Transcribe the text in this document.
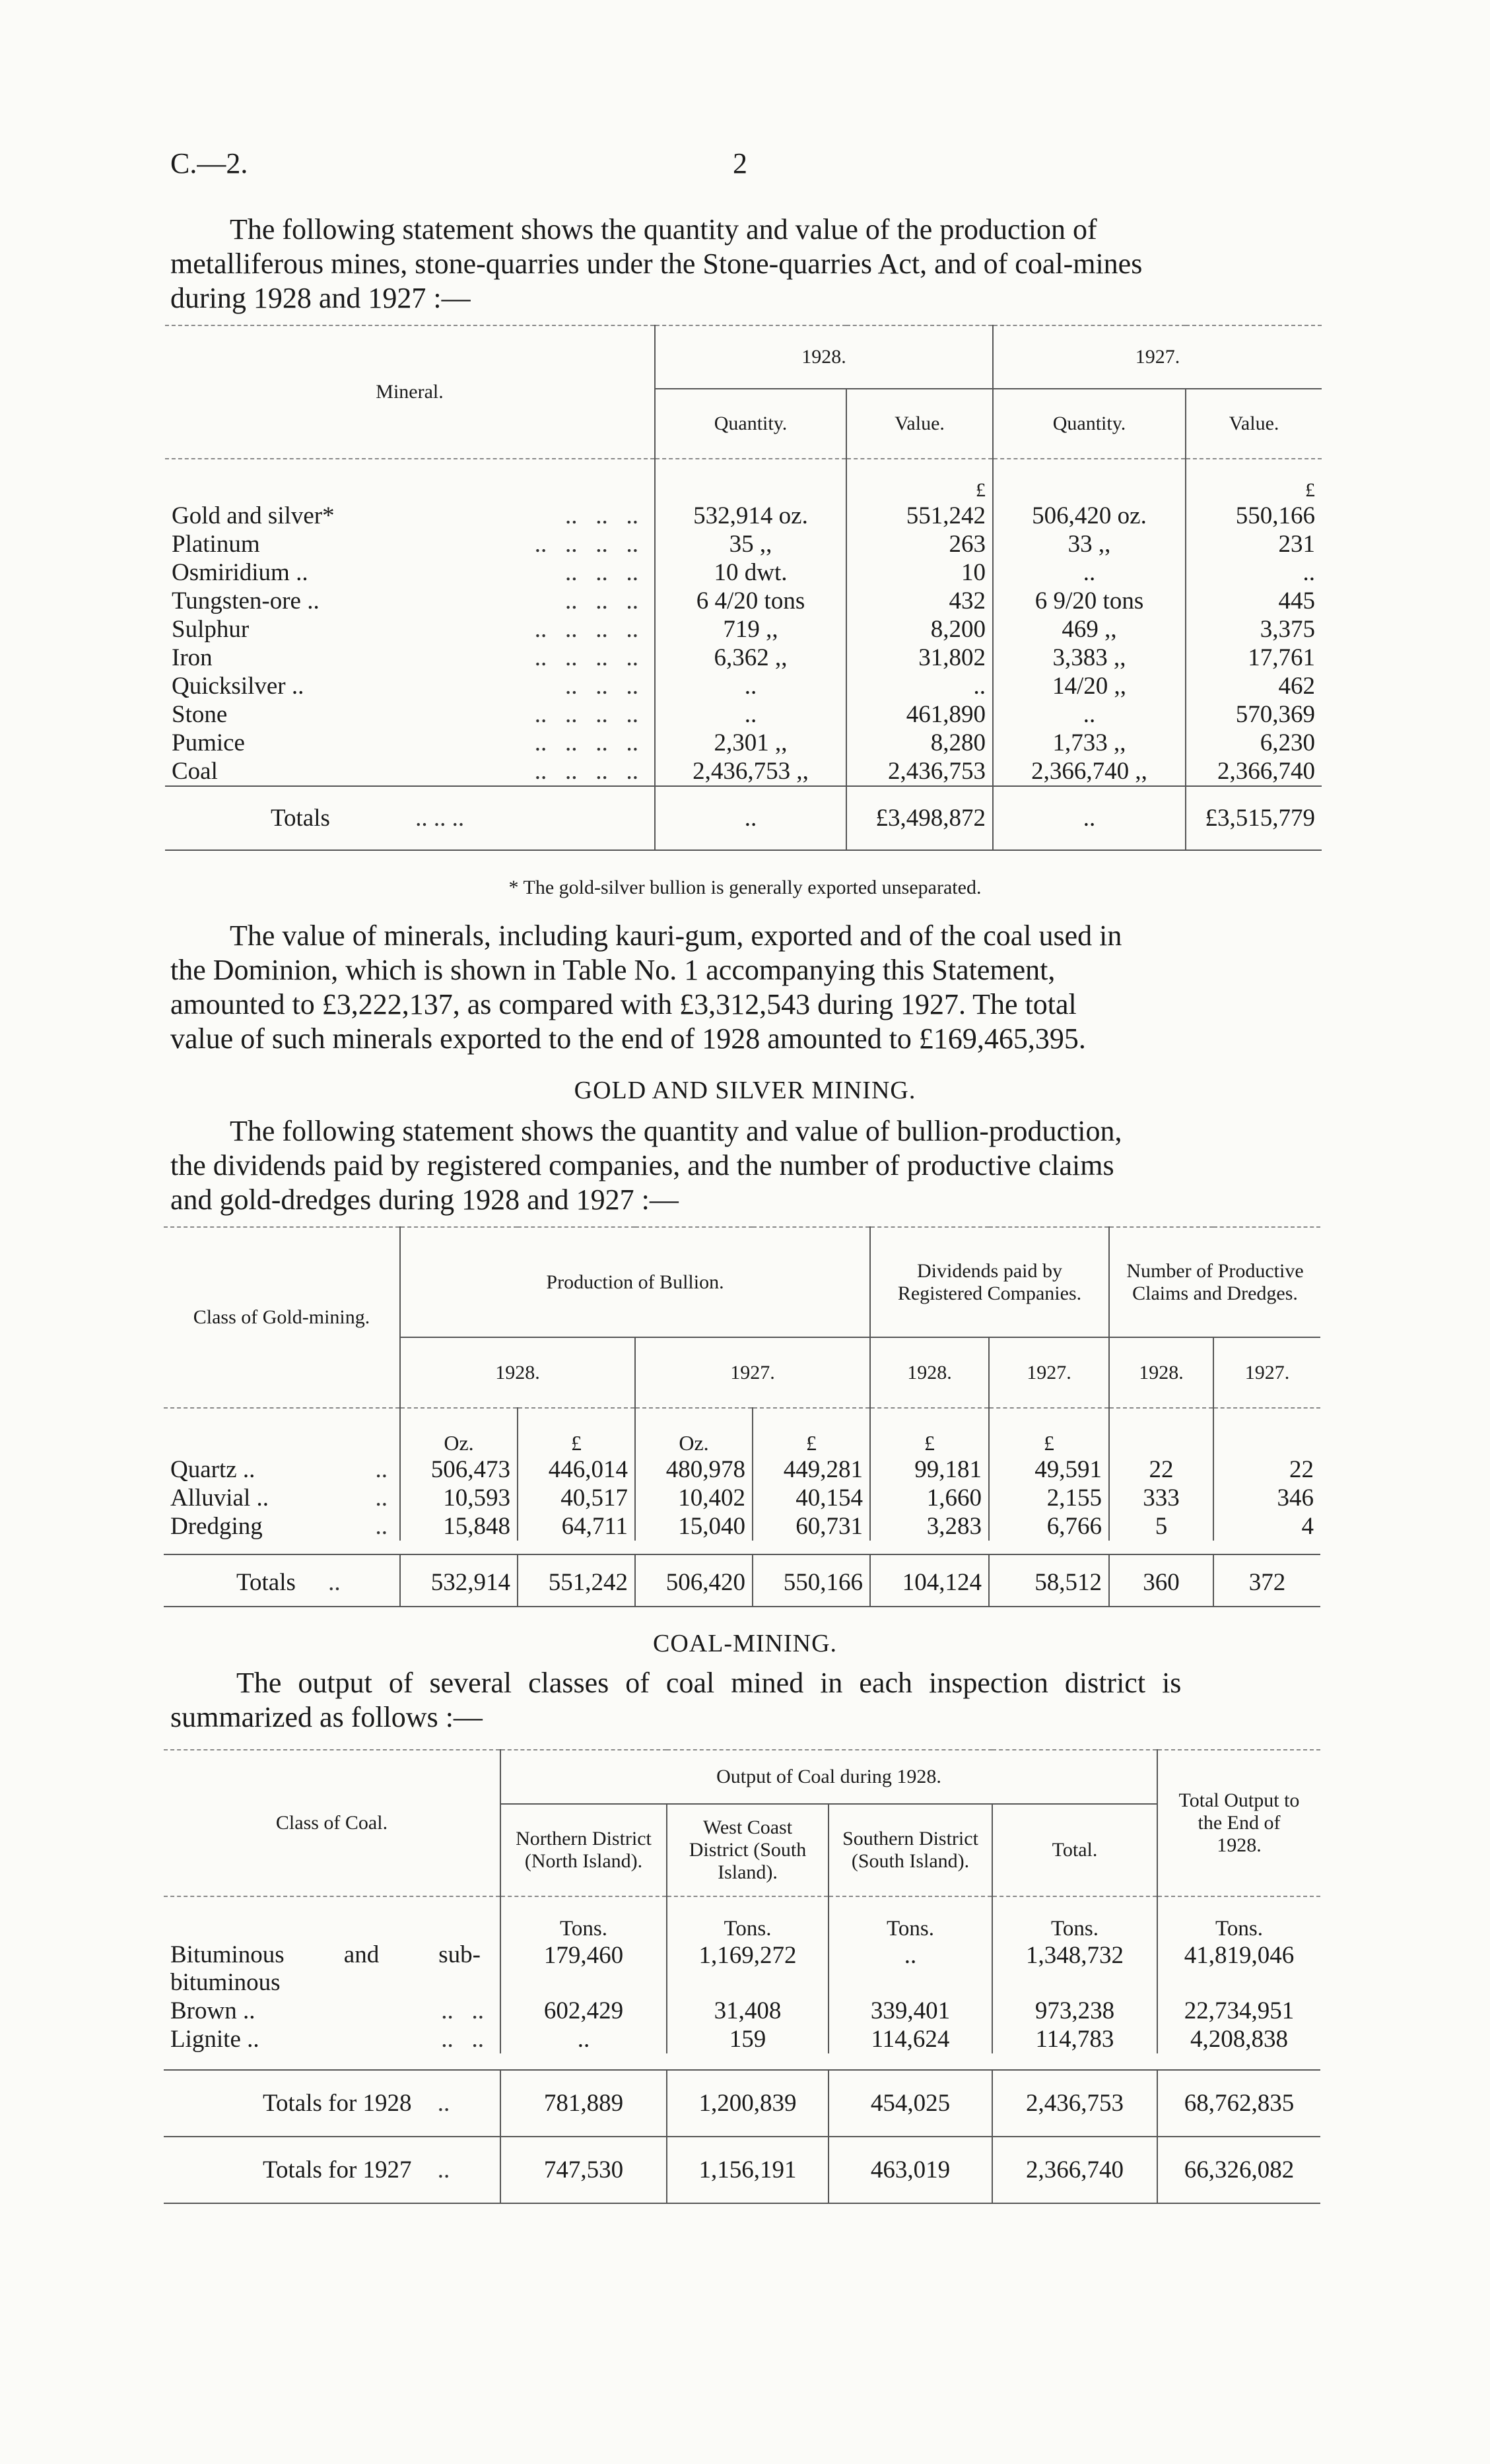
C.—2.	2
The following statement shows the quantity and value of the production of
metalliferous mines, stone-quarries under the Stone-quarries Act, and of coal-mines
during 1928 and 1927 :—
Mineral.	1928.		1927.	
	Quantity.	Value.	Quantity.	Value.
		£		£
Gold and silver* ..   ..   ..	532,914 oz.	551,242	506,420 oz.	550,166
Platinum ..   ..   ..   ..	35 ,,	263	33 ,,	231
Osmiridium .. ..   ..   ..	10 dwt.	10	..	..
Tungsten-ore .. ..   ..   ..	6 4/20 tons	432	6 9/20 tons	445
Sulphur ..   ..   ..   ..	719 ,,	8,200	469 ,,	3,375
Iron ..   ..   ..   ..	6,362 ,,	31,802	3,383 ,,	17,761
Quicksilver .. ..   ..   ..	..	..	14/20 ,,	462
Stone ..   ..   ..   ..	..	461,890	..	570,369
Pumice ..   ..   ..   ..	2,301 ,,	8,280	1,733 ,,	6,230
Coal ..   ..   ..   ..	2,436,753 ,,	2,436,753	2,366,740 ,,	2,366,740
Totals .. .. ..	..	£3,498,872	..	£3,515,779

* The gold-silver bullion is generally exported unseparated.
The value of minerals, including kauri-gum, exported and of the coal used in
the Dominion, which is shown in Table No. 1 accompanying this Statement,
amounted to £3,222,137, as compared with £3,312,543 during 1927. The total
value of such minerals exported to the end of 1928 amounted to £169,465,395.
GOLD AND SILVER MINING.
The following statement shows the quantity and value of bullion-production,
the dividends paid by registered companies, and the number of productive claims
and gold-dredges during 1928 and 1927 :—
Class of Gold-mining.	Production of Bullion.				Dividends paid by Registered Companies.		Number of Productive Claims and Dredges.	
	1928.		1927.		1928.	1927.	1928.	1927.
	Oz.	£	Oz.	£	£	£		
Quartz .. ..	506,473	446,014	480,978	449,281	99,181	49,591	22	22
Alluvial .. ..	10,593	40,517	10,402	40,154	1,660	2,155	333	346
Dredging ..	15,848	64,711	15,040	60,731	3,283	6,766	5	4

Totals ..	532,914	551,242	506,420	550,166	104,124	58,512	360	372

COAL-MINING.
The output of several classes of coal mined in each inspection district is
summarized as follows :—
Class of Coal.	Output of Coal during 1928.				Total Output to the End of 1928.
	Northern District (North Island).	West Coast District (South Island).	Southern District (South Island).	Total.	
	Tons.	Tons.	Tons.	Tons.	Tons.

Bituminous and sub-bituminous	179,460	1,169,272	..	1,348,732	41,819,046
Brown .. ..   ..	602,429	31,408	339,401	973,238	22,734,951
Lignite .. ..   ..	..	159	114,624	114,783	4,208,838

Totals for 1928 ..	781,889	1,200,839	454,025	2,436,753	68,762,835
Totals for 1927 ..	747,530	1,156,191	463,019	2,366,740	66,326,082
